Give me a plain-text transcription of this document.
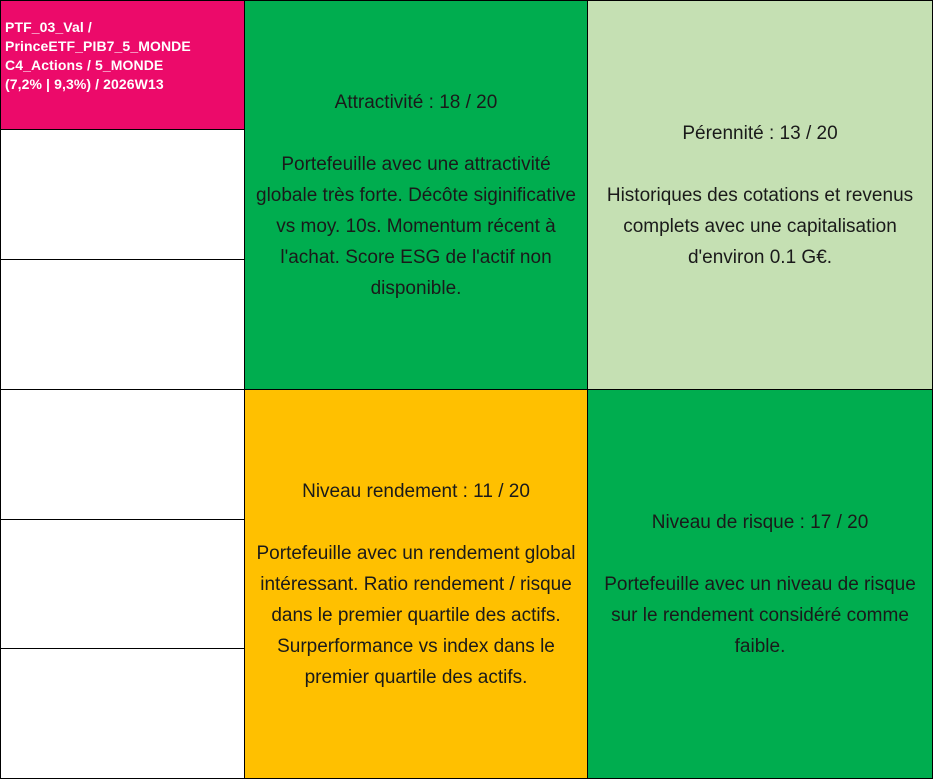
PTF_03_Val /
PrinceETF_PIB7_5_MONDE
C4_Actions / 5_MONDE
(7,2% | 9,3%) / 2026W13
Attractivité : 18 / 20
Portefeuille avec une attractivité globale très forte. Décôte siginificative vs moy. 10s. Momentum récent à l'achat. Score ESG de l'actif non disponible.
Pérennité : 13 / 20
Historiques des cotations et revenus complets avec une capitalisation d'environ 0.1 G€.
Niveau rendement : 11 / 20
Portefeuille avec un rendement global intéressant. Ratio rendement / risque dans le premier quartile des actifs. Surperformance vs index dans le premier quartile des actifs.
Niveau de risque : 17 / 20
Portefeuille avec un niveau de risque sur le rendement considéré comme faible.
